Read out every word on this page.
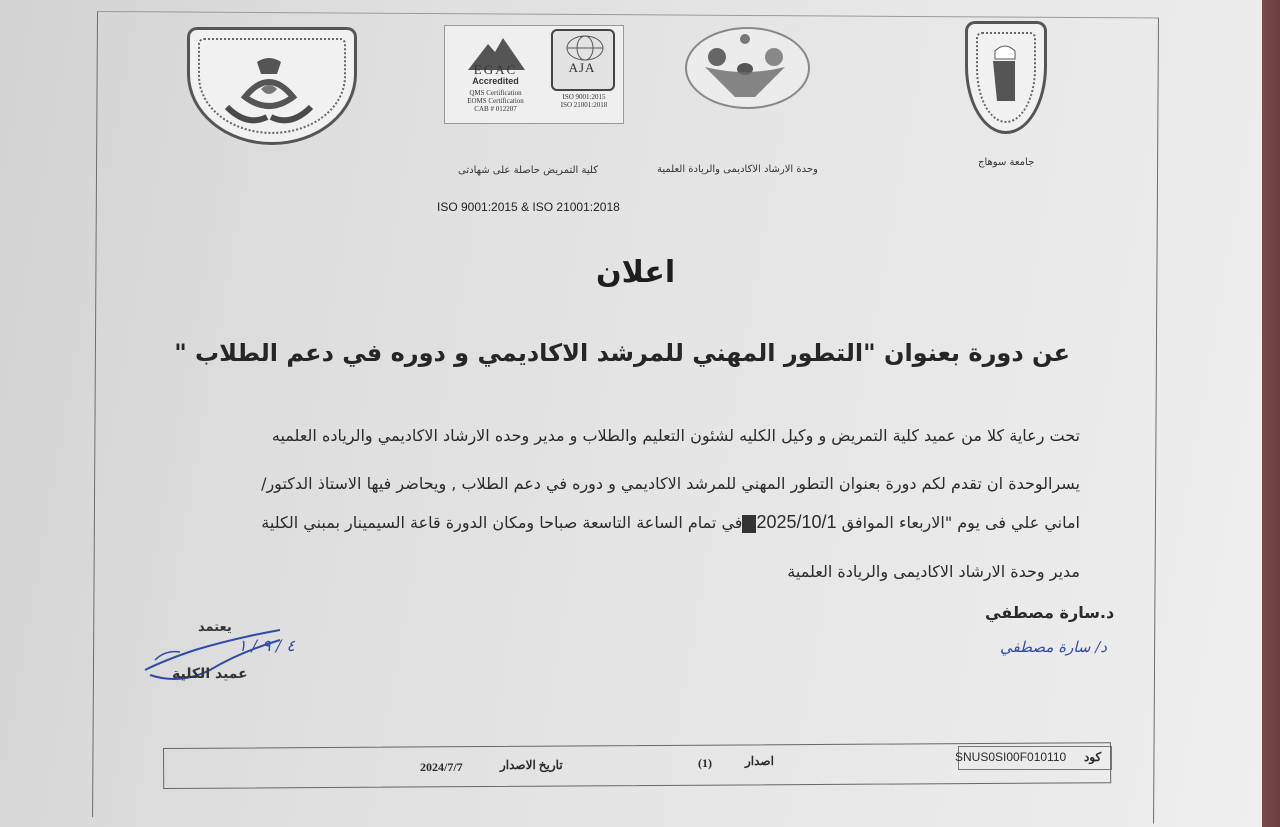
EGAC
Accredited
QMS Certification
EOMS Certification
CAB # 012207
ISO 9001:2015
ISO 21001:2018
AJA
كلية التمريض حاصلة على شهادتى	وحدة الارشاد الاكاديمى والريادة العلمية
جامعة سوهاج
ISO 9001:2015 & ISO 21001:2018
اعلان
عن دورة بعنوان "التطور المهني للمرشد الاكاديمي و دوره في دعم الطلاب "
تحت رعاية كلا من عميد كلية التمريض و وكيل الكليه لشئون التعليم والطلاب و مدير وحده الارشاد الاكاديمي والرياده العلميه
يسرالوحدة ان تقدم لكم دورة بعنوان التطور المهني للمرشد الاكاديمي و دوره في دعم الطلاب , ويحاضر فيها الاستاذ الدكتور/
اماني علي فى يوم "الاربعاء الموافق 2025/10/1في تمام الساعة التاسعة صباحا ومكان الدورة قاعة السيمينار بمبني الكلية
مدير وحدة الارشاد الاكاديمى والريادة العلمية
د.سارة مصطفي
د/ سارة مصطفي
يعتمد
٤ / ٩ / ١
عميد الكلية
كود
SNUS0SI00F010110
اصدار
(1)
تاريخ الاصدار
2024/7/7
